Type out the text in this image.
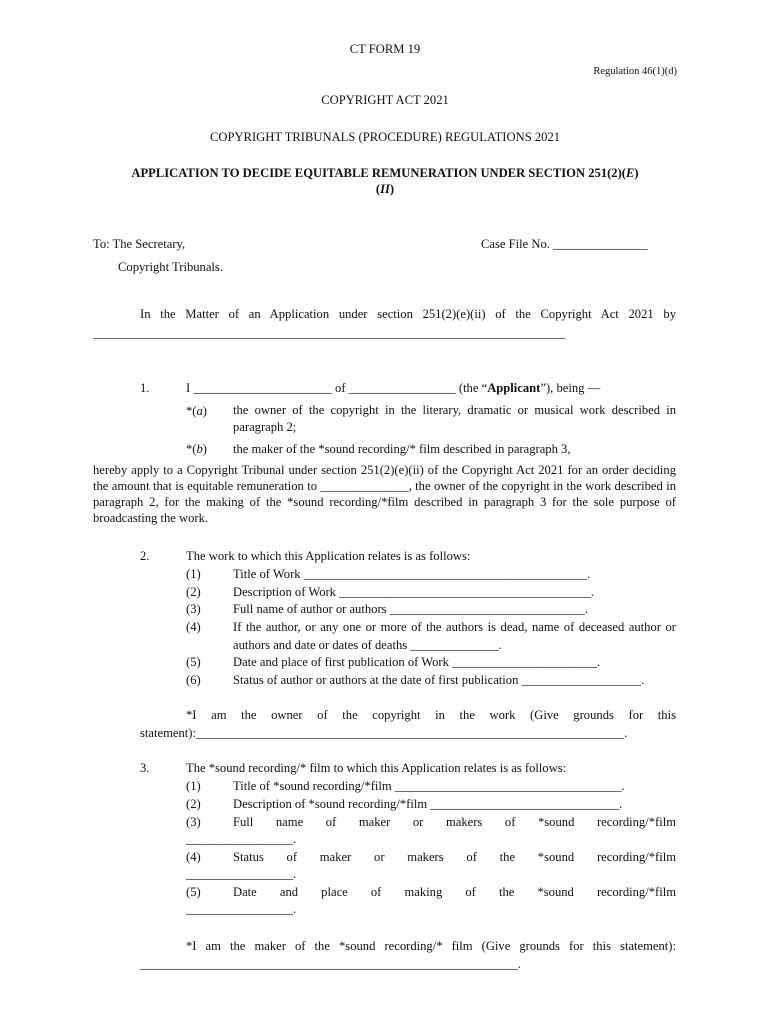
CT FORM 19
Regulation 46(1)(d)
COPYRIGHT ACT 2021
COPYRIGHT TRIBUNALS (PROCEDURE) REGULATIONS 2021
APPLICATION TO DECIDE EQUITABLE REMUNERATION UNDER SECTION 251(2)(E)
(II)
To: The Secretary,	Case File No. _______________
Copyright Tribunals.
In the Matter of an Application under section 251(2)(e)(ii) of the Copyright Act 2021 by
___________________________________________________________________________
1.	I ______________________ of _________________ (the “Applicant”), being —
*(a) the owner of the copyright in the literary, dramatic or musical work described in paragraph 2;
*(b) the maker of the *sound recording/* film described in paragraph 3,
hereby apply to a Copyright Tribunal under section 251(2)(e)(ii) of the Copyright Act 2021 for an order deciding the amount that is equitable remuneration to ______________, the owner of the copyright in the work described in paragraph 2, for the making of the *sound recording/*film described in paragraph 3 for the sole purpose of broadcasting the work.
2.	The work to which this Application relates is as follows:
(1)	Title of Work _____________________________________________.
(2)	Description of Work ________________________________________.
(3)	Full name of author or authors _______________________________.
(4)	If the author, or any one or more of the authors is dead, name of deceased author or authors and date or dates of deaths ______________.
(5)	Date and place of first publication of Work _______________________.
(6)	Status of author or authors at the date of first publication ___________________.
*I am the owner of the copyright in the work (Give grounds for this statement):____________________________________________________________________.
3.	The *sound recording/* film to which this Application relates is as follows:
(1)	Title of *sound recording/*film ____________________________________.
(2)	Description of *sound recording/*film ______________________________.
(3)	Full name of maker or makers of *sound recording/*film
_________________.
(4)	Status of maker or makers of the *sound recording/*film
_________________.
(5)	Date and place of making of the *sound recording/*film
_________________.
*I am the maker of the *sound recording/* film (Give grounds for this statement): ____________________________________________________________.
